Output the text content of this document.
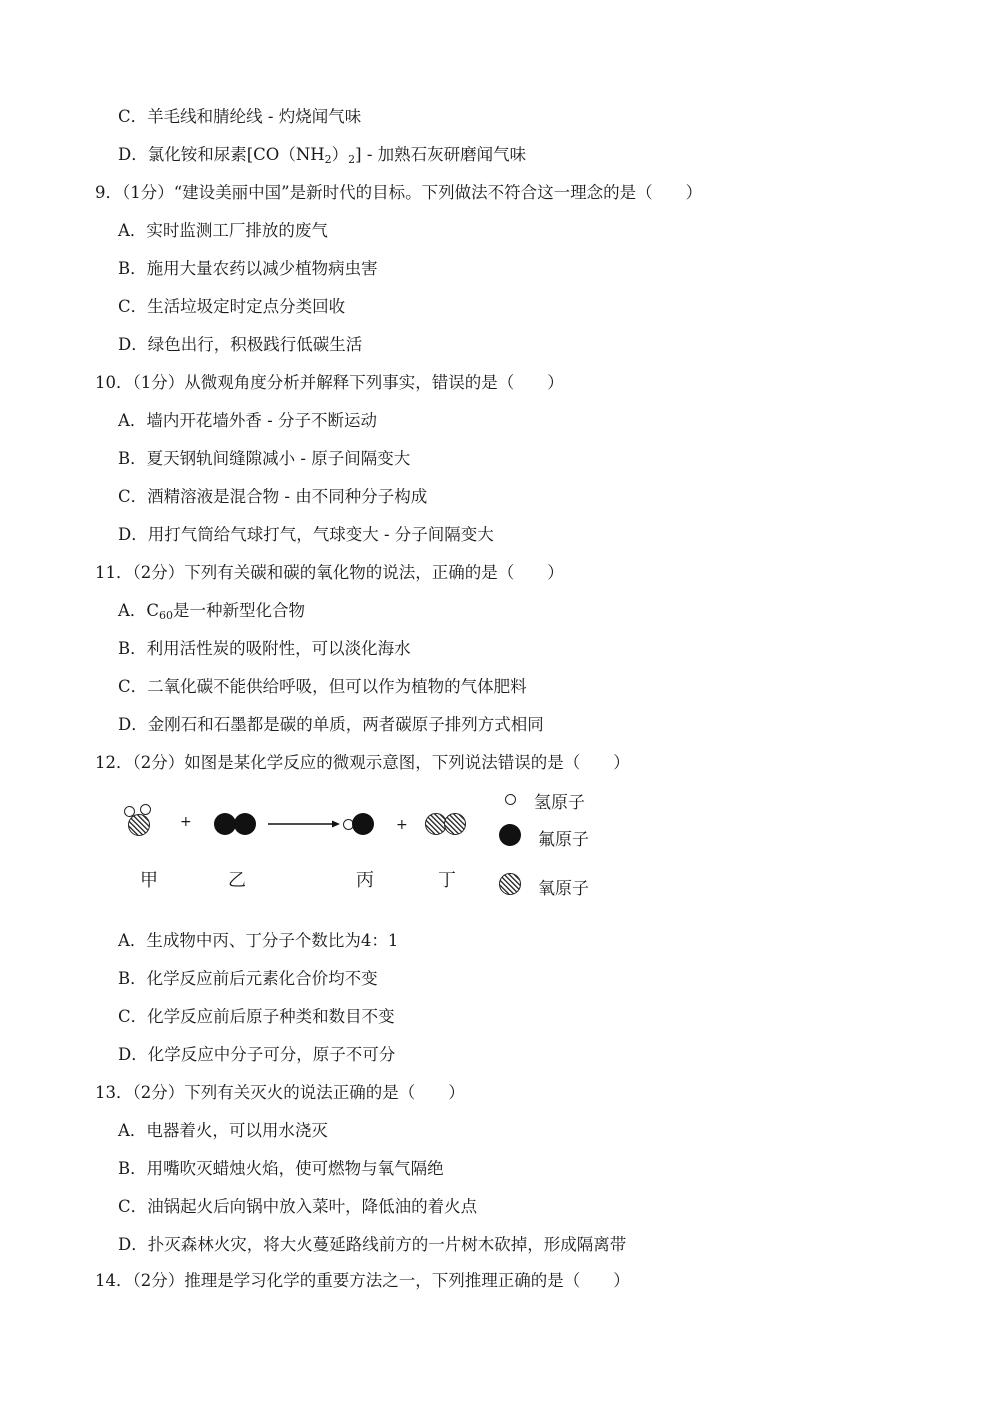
C．羊毛线和腈纶线 - 灼烧闻气味
D．氯化铵和尿素$[CO(NH_2)_2]$ - 加熟石灰研磨闻气味
9．（1分）“建设美丽中国”是新时代的目标。下列做法不符合这一理念的是（　　）
A．实时监测工厂排放的废气
B．施用大量农药以减少植物病虫害
C．生活垃圾定时定点分类回收
D．绿色出行，积极践行低碳生活
10．（1分）从微观角度分析并解释下列事实，错误的是（　　）
A．墙内开花墙外香 - 分子不断运动
B．夏天钢轨间缝隙减小 - 原子间隔变大
C．酒精溶液是混合物 - 由不同种分子构成
D．用打气筒给气球打气，气球变大 - 分子间隔变大
11．（2分）下列有关碳和碳的氧化物的说法，正确的是（　　）
A．$C_{60}$是一种新型化合物
B．利用活性炭的吸附性，可以淡化海水
C．二氧化碳不能供给呼吸，但可以作为植物的气体肥料
D．金刚石和石墨都是碳的单质，两者碳原子排列方式相同
12．（2分）如图是某化学反应的微观示意图，下列说法错误的是（　　）
+	+
甲	乙	丙	丁
氢原子
氟原子
氧原子
A．生成物中丙、丁分子个数比为4：1
B．化学反应前后元素化合价均不变
C．化学反应前后原子种类和数目不变
D．化学反应中分子可分，原子不可分
13．（2分）下列有关灭火的说法正确的是（　　）
A．电器着火，可以用水浇灭
B．用嘴吹灭蜡烛火焰，使可燃物与氧气隔绝
C．油锅起火后向锅中放入菜叶，降低油的着火点
D．扑灭森林火灾，将大火蔓延路线前方的一片树木砍掉，形成隔离带
14．（2分）推理是学习化学的重要方法之一，下列推理正确的是（　　）
